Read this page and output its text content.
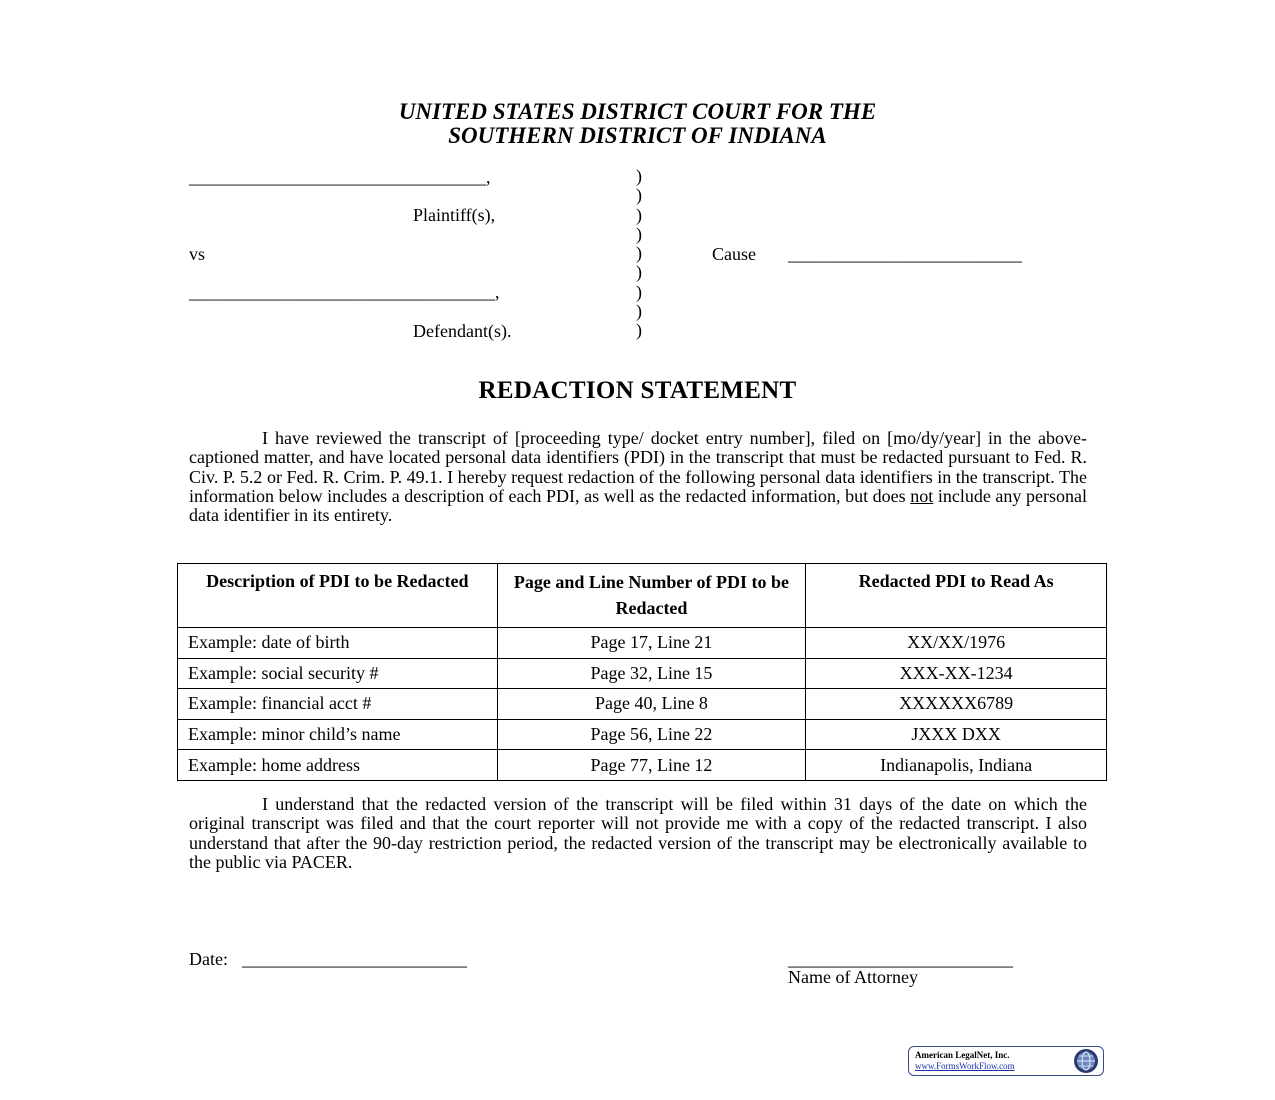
UNITED STATES DISTRICT COURT FOR THE
SOUTHERN DISTRICT OF INDIANA
_________________________________,
Plaintiff(s),
vs
__________________________________,
Defendant(s).
Cause __________________________
)
)
)
)
)
)
)
)
)
REDACTION STATEMENT
I have reviewed the transcript of [proceeding type/ docket entry number], filed on [mo/dy/year] in the above-captioned matter, and have located personal data identifiers (PDI) in the transcript that must be redacted pursuant to Fed. R. Civ. P. 5.2 or Fed. R. Crim. P. 49.1. I hereby request redaction of the following personal data identifiers in the transcript. The information below includes a description of each PDI, as well as the redacted information, but does not include any personal data identifier in its entirety.
Description of PDI to be Redacted	Page and Line Number of PDI to be Redacted	Redacted PDI to Read As
Example: date of birth	Page 17, Line 21	XX/XX/1976
Example: social security #	Page 32, Line 15	XXX-XX-1234
Example: financial acct #	Page 40, Line 8	XXXXXX6789
Example: minor child’s name	Page 56, Line 22	JXXX DXX
Example: home address	Page 77, Line 12	Indianapolis, Indiana
I understand that the redacted version of the transcript will be filed within 31 days of the date on which the original transcript was filed and that the court reporter will not provide me with a copy of the redacted transcript. I also understand that after the 90-day restriction period, the redacted version of the transcript may be electronically available to the public via PACER.
Date: _________________________	_________________________
Name of Attorney
American LegalNet, Inc.
www.FormsWorkFlow.com
